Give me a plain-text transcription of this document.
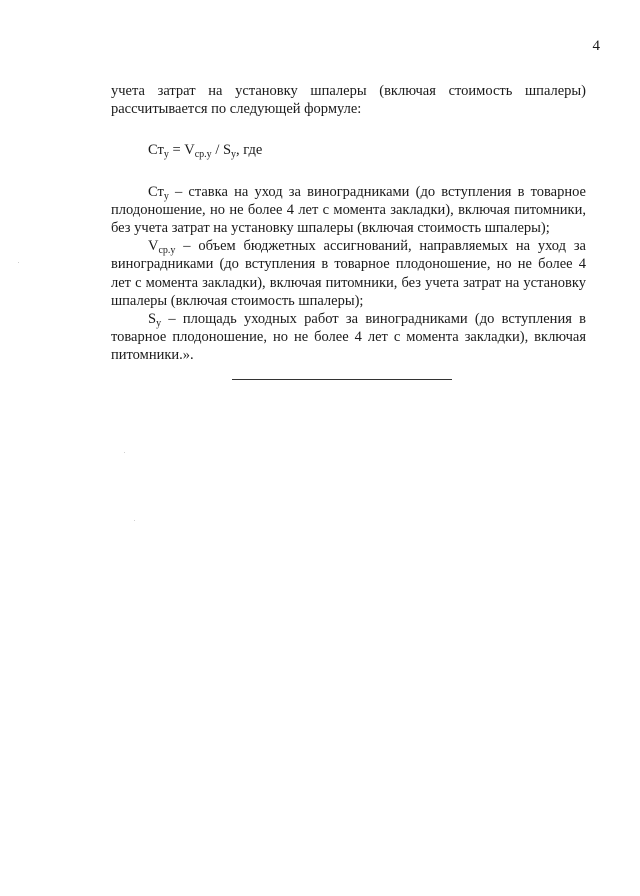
4

учета затрат на установку шпалеры (включая стоимость шпалеры) рассчитывается по следующей формуле:

$Ст_у = V_{ср.у} / S_у$, где

$Ст_у$ – ставка на уход за виноградниками (до вступления в товарное плодоношение, но не более 4 лет с момента закладки), включая питомники, без учета затрат на установку шпалеры (включая стоимость шпалеры);

$V_{ср.у}$ – объем бюджетных ассигнований, направляемых на уход за виноградниками (до вступления в товарное плодоношение, но не более 4 лет с момента закладки), включая питомники, без учета затрат на установку шпалеры (включая стоимость шпалеры);

$S_у$ – площадь уходных работ за виноградниками (до вступления в товарное плодоношение, но не более 4 лет с момента закладки), включая питомники.».
